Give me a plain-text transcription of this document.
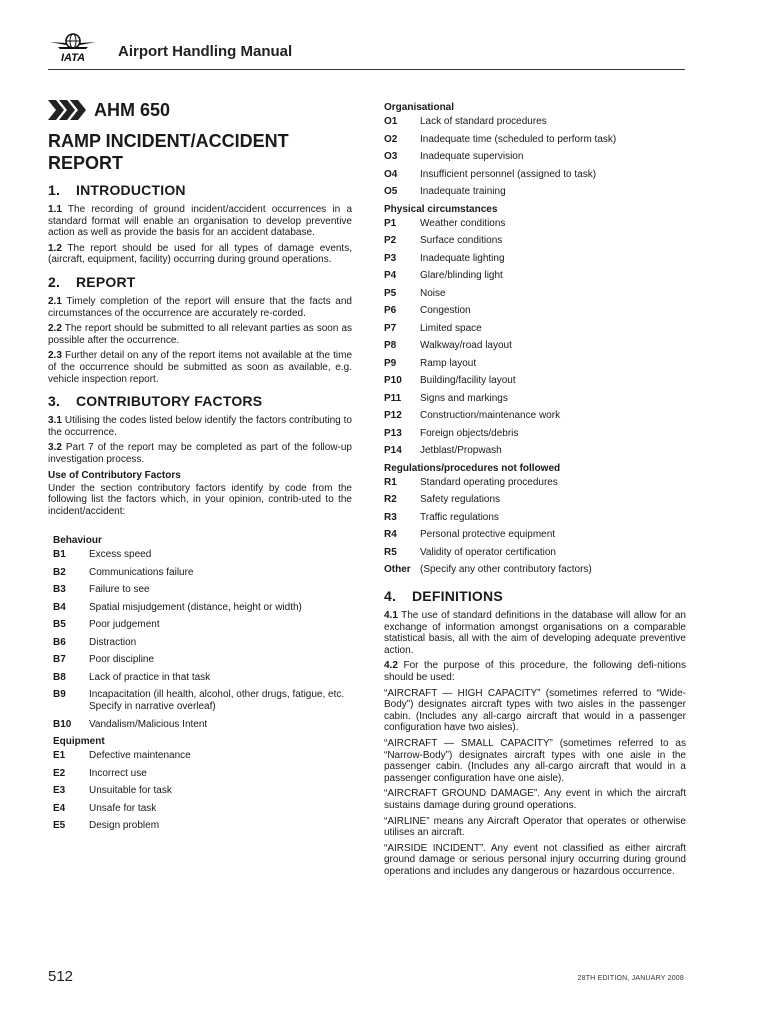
IATA Airport Handling Manual
AHM 650
RAMP INCIDENT/ACCIDENT REPORT
1. INTRODUCTION

1.1 The recording of ground incident/accident occurrences in a standard format will enable an organisation to develop preventive action as well as provide the basis for an accident database.

1.2 The report should be used for all types of damage events, (aircraft, equipment, facility) occurring during ground operations.

2. REPORT

2.1 Timely completion of the report will ensure that the facts and circumstances of the occurrence are accurately re-corded.

2.2 The report should be submitted to all relevant parties as soon as possible after the occurrence.

2.3 Further detail on any of the report items not available at the time of the occurrence should be submitted as soon as available, e.g. vehicle inspection report.

3. CONTRIBUTORY FACTORS

3.1 Utilising the codes listed below identify the factors contributing to the occurrence.

3.2 Part 7 of the report may be completed as part of the follow-up investigation process.

Use of Contributory Factors

Under the section contributory factors identify by code from the following list the factors which, in your opinion, contrib-uted to the incident/accident:

Behaviour
B1	Excess speed
B2	Communications failure
B3	Failure to see
B4	Spatial misjudgement (distance, height or width)
B5	Poor judgement
B6	Distraction
B7	Poor discipline
B8	Lack of practice in that task
B9	Incapacitation (ill health, alcohol, other drugs, fatigue, etc. Specify in narrative overleaf)
B10	Vandalism/Malicious Intent
Equipment
E1	Defective maintenance
E2	Incorrect use
E3	Unsuitable for task
E4	Unsafe for task
E5	Design problem
Organisational
O1	Lack of standard procedures
O2	Inadequate time (scheduled to perform task)
O3	Inadequate supervision
O4	Insufficient personnel (assigned to task)
O5	Inadequate training
Physical circumstances
P1	Weather conditions
P2	Surface conditions
P3	Inadequate lighting
P4	Glare/blinding light
P5	Noise
P6	Congestion
P7	Limited space
P8	Walkway/road layout
P9	Ramp layout
P10	Building/facility layout
P11	Signs and markings
P12	Construction/maintenance work
P13	Foreign objects/debris
P14	Jetblast/Propwash
Regulations/procedures not followed
R1	Standard operating procedures
R2	Safety regulations
R3	Traffic regulations
R4	Personal protective equipment
R5	Validity of operator certification
Other (Specify any other contributory factors)
4. DEFINITIONS

4.1 The use of standard definitions in the database will allow for an exchange of information amongst organisations on a comparable statistical basis, all with the aim of developing adequate preventive action.

4.2 For the purpose of this procedure, the following defi-nitions should be used:

“AIRCRAFT — HIGH CAPACITY” (sometimes referred to “Wide-Body”) designates aircraft types with two aisles in the passenger cabin. (Includes any all-cargo aircraft that would in a passenger configuration have two aisles).

“AIRCRAFT — SMALL CAPACITY” (sometimes referred to as “Narrow-Body”) designates aircraft types with one aisle in the passenger cabin. (Includes any all-cargo aircraft that would in a passenger configuration have one aisle).

“AIRCRAFT GROUND DAMAGE”. Any event in which the aircraft sustains damage during ground operations.

“AIRLINE” means any Aircraft Operator that operates or otherwise utilises an aircraft.

“AIRSIDE INCIDENT”. Any event not classified as either aircraft ground damage or serious personal injury occurring during ground operations and includes any dangerous or hazardous occurrence.

512	28TH EDITION, JANUARY 2008
